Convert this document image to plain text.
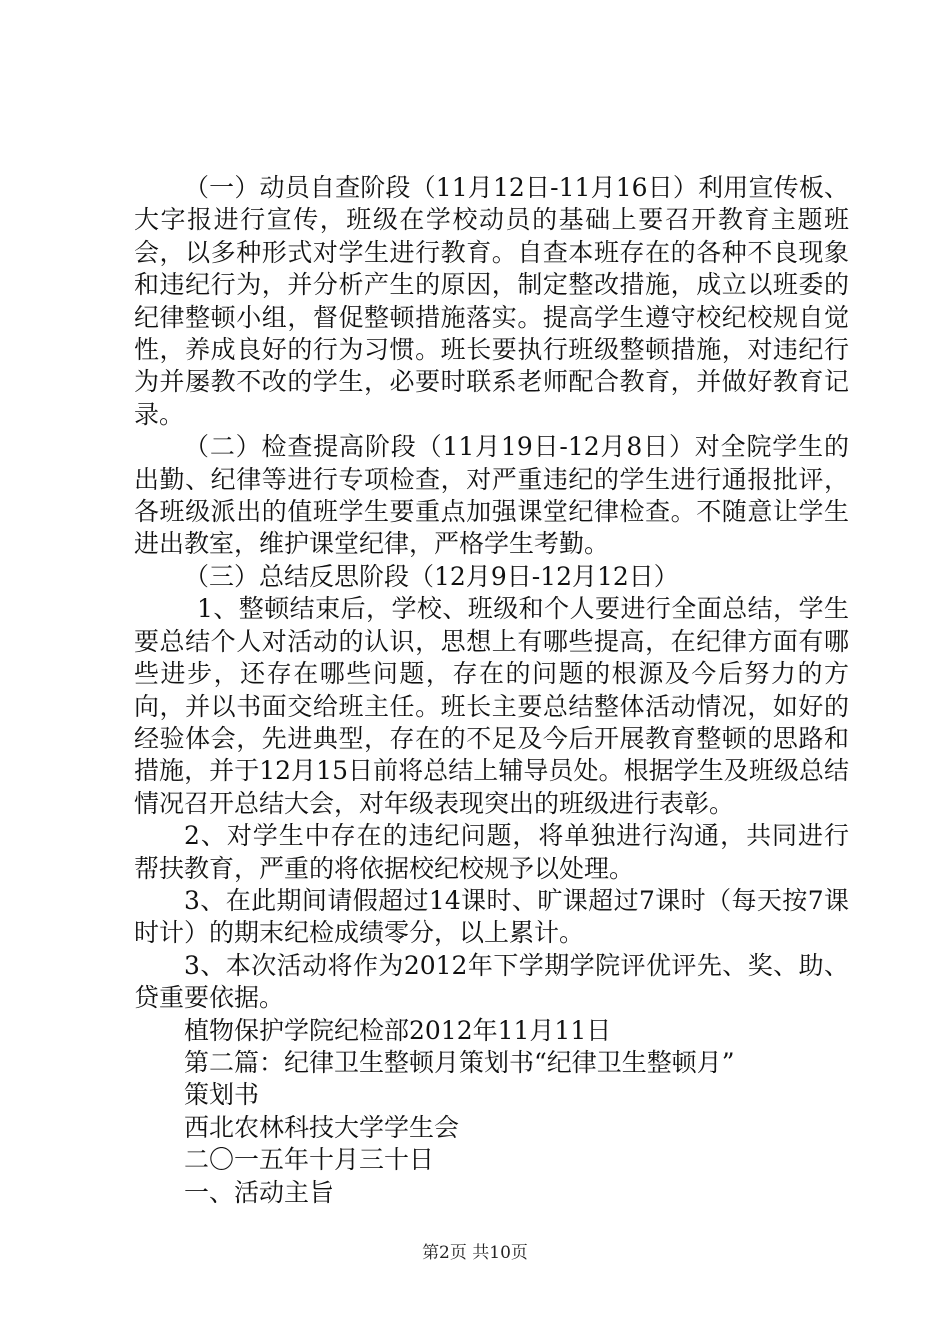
（一）动员自查阶段（11月12日-11月16日）利用宣传板、大字报进行宣传，班级在学校动员的基础上要召开教育主题班会，以多种形式对学生进行教育。自查本班存在的各种不良现象和违纪行为，并分析产生的原因，制定整改措施，成立以班委的纪律整顿小组，督促整顿措施落实。提高学生遵守校纪校规自觉性，养成良好的行为习惯。班长要执行班级整顿措施，对违纪行为并屡教不改的学生，必要时联系老师配合教育，并做好教育记录。

（二）检查提高阶段（11月19日-12月8日）对全院学生的出勤、纪律等进行专项检查，对严重违纪的学生进行通报批评，各班级派出的值班学生要重点加强课堂纪律检查。不随意让学生进出教室，维护课堂纪律，严格学生考勤。

（三）总结反思阶段（12月9日-12月12日）

1、整顿结束后，学校、班级和个人要进行全面总结，学生要总结个人对活动的认识，思想上有哪些提高，在纪律方面有哪些进步，还存在哪些问题，存在的问题的根源及今后努力的方向，并以书面交给班主任。班长主要总结整体活动情况，如好的经验体会，先进典型，存在的不足及今后开展教育整顿的思路和措施，并于12月15日前将总结上辅导员处。根据学生及班级总结情况召开总结大会，对年级表现突出的班级进行表彰。

2、对学生中存在的违纪问题，将单独进行沟通，共同进行帮扶教育，严重的将依据校纪校规予以处理。

3、在此期间请假超过14课时、旷课超过7课时（每天按7课时计）的期末纪检成绩零分，以上累计。

3、本次活动将作为2012年下学期学院评优评先、奖、助、贷重要依据。

植物保护学院纪检部2012年11月11日

第二篇：纪律卫生整顿月策划书“纪律卫生整顿月”

策划书

西北农林科技大学学生会

二〇一五年十月三十日

一、活动主旨

第2页 共10页
